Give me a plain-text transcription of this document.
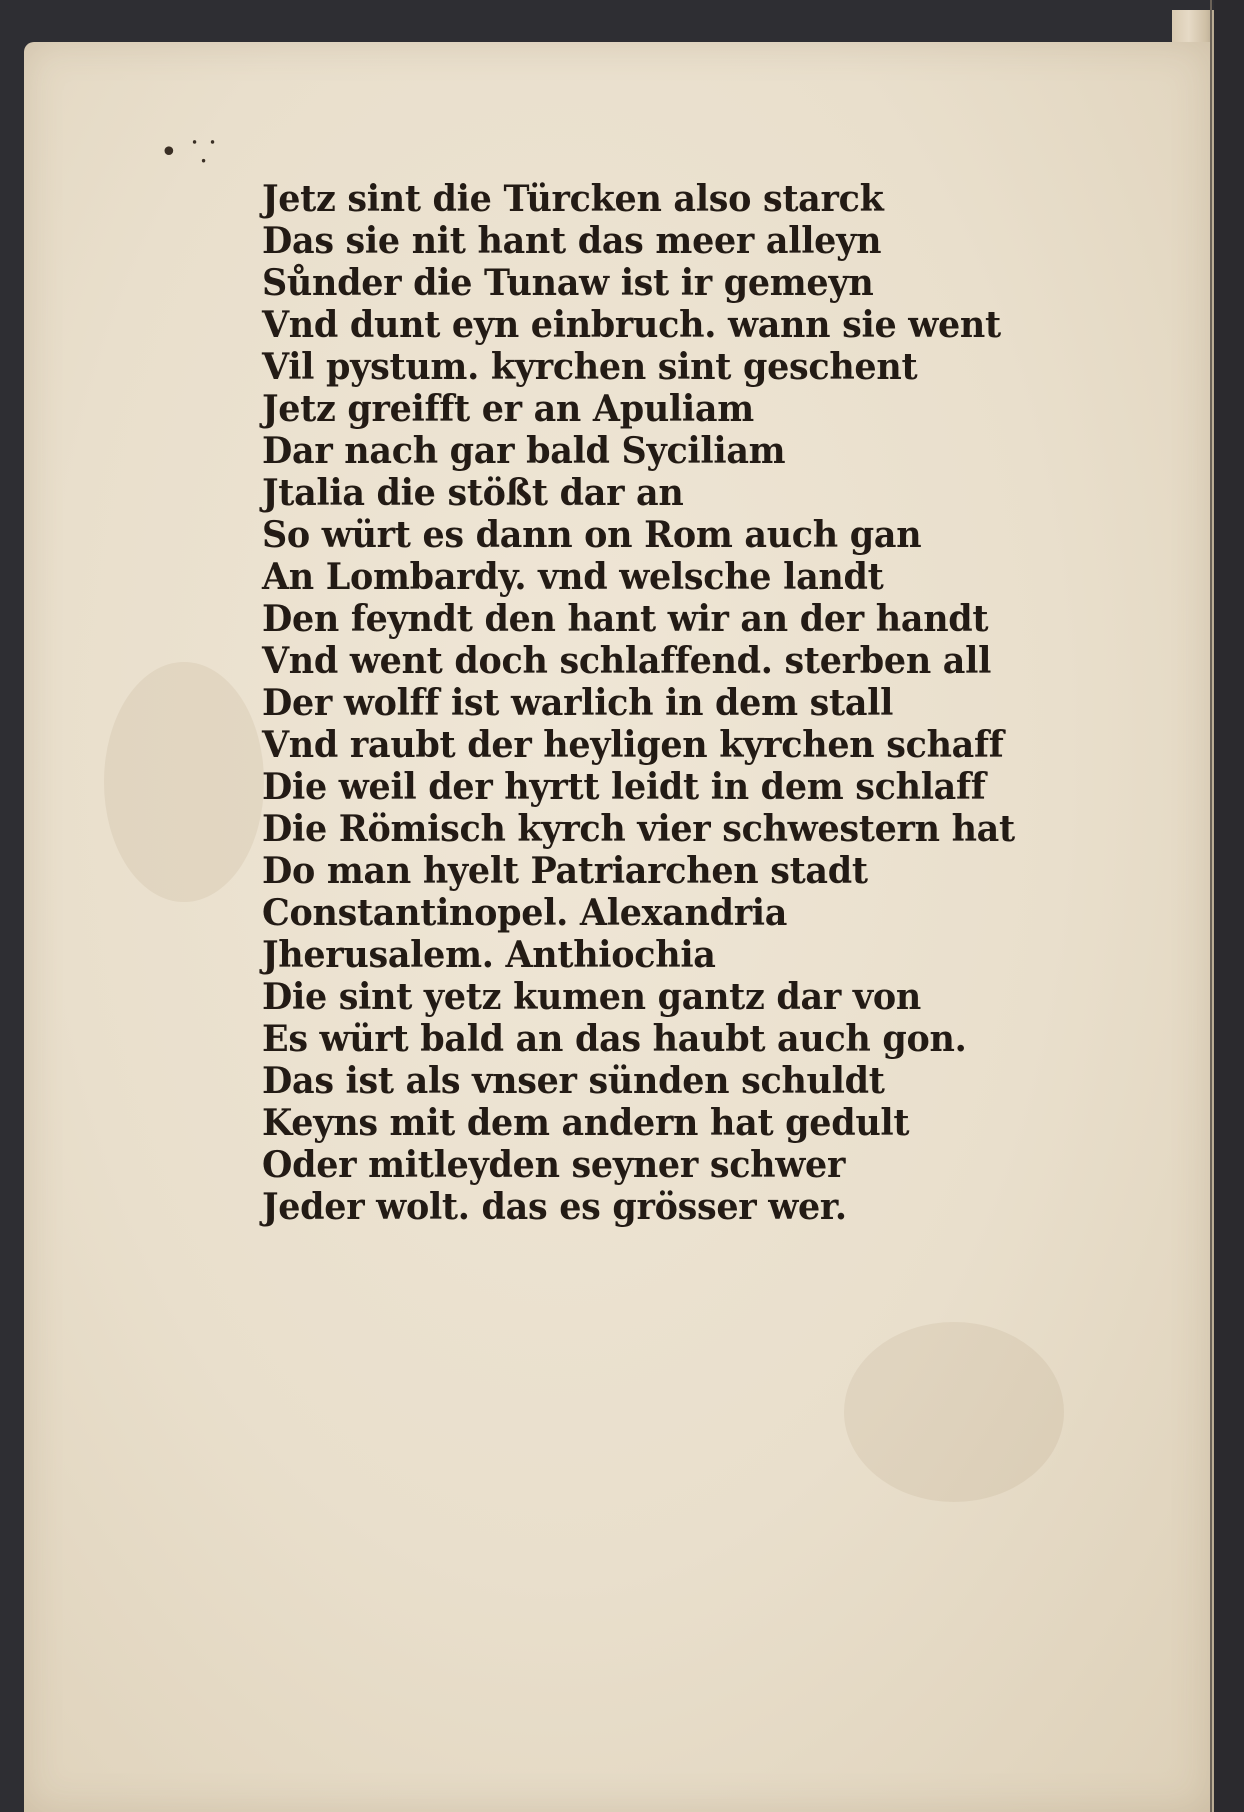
• ⸪
Jetz sint die Türcken also starck
Das sie nit hant das meer alleyn
Sůnder die Tunaw ist ir gemeyn
Vnd dunt eyn einbruch. wann sie went
Vil pystum. kyrchen sint geschent
Jetz greifft er an Apuliam
Dar nach gar bald Syciliam
Jtalia die stößt dar an
So würt es dann on Rom auch gan
An Lombardy. vnd welsche landt
Den feyndt den hant wir an der handt
Vnd went doch schlaffend. sterben all
Der wolff ist warlich in dem stall
Vnd raubt der heyligen kyrchen schaff
Die weil der hyrtt leidt in dem schlaff
Die Römisch kyrch vier schwestern hat
Do man hyelt Patriarchen stadt
Constantinopel. Alexandria
Jherusalem. Anthiochia
Die sint yetz kumen gantz dar von
Es würt bald an das haubt auch gon.
Das ist als vnser sünden schuldt
Keyns mit dem andern hat gedult
Oder mitleyden seyner schwer
Jeder wolt. das es grösser wer.
